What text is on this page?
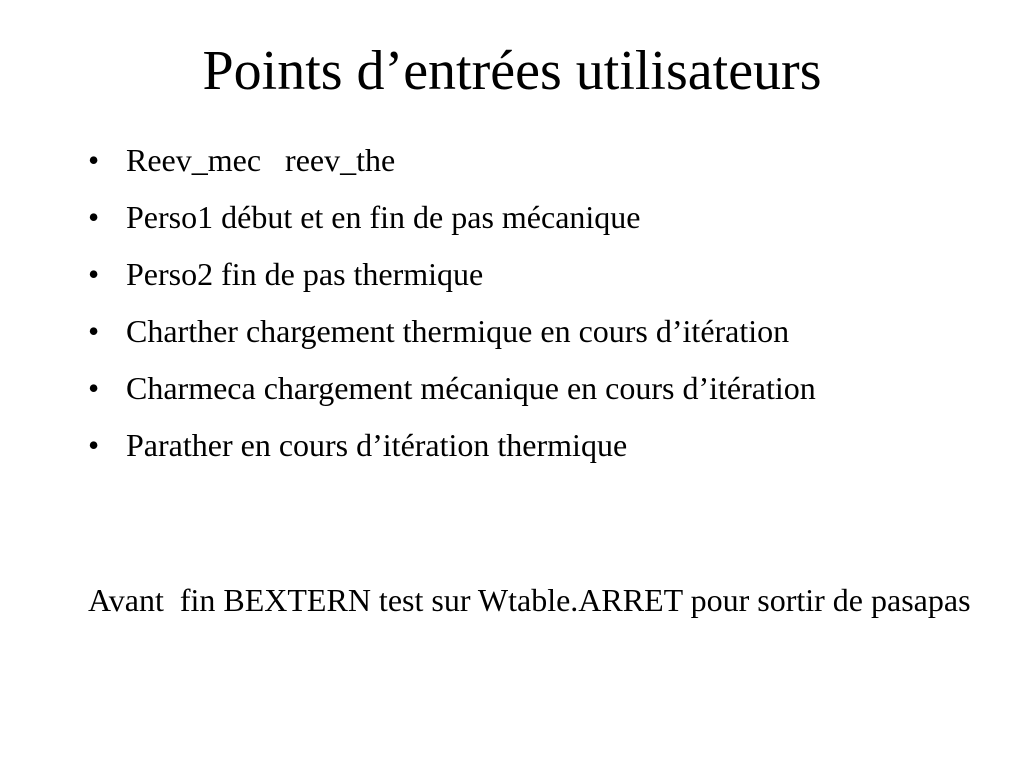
Points d’entrées utilisateurs
• Reev_mec   reev_the
• Perso1 début et en fin de pas mécanique
• Perso2 fin de pas thermique
• Charther chargement thermique en cours d’itération
• Charmeca chargement mécanique en cours d’itération
• Parather en cours d’itération thermique

Avant  fin BEXTERN test sur Wtable.ARRET pour sortir de pasapas
